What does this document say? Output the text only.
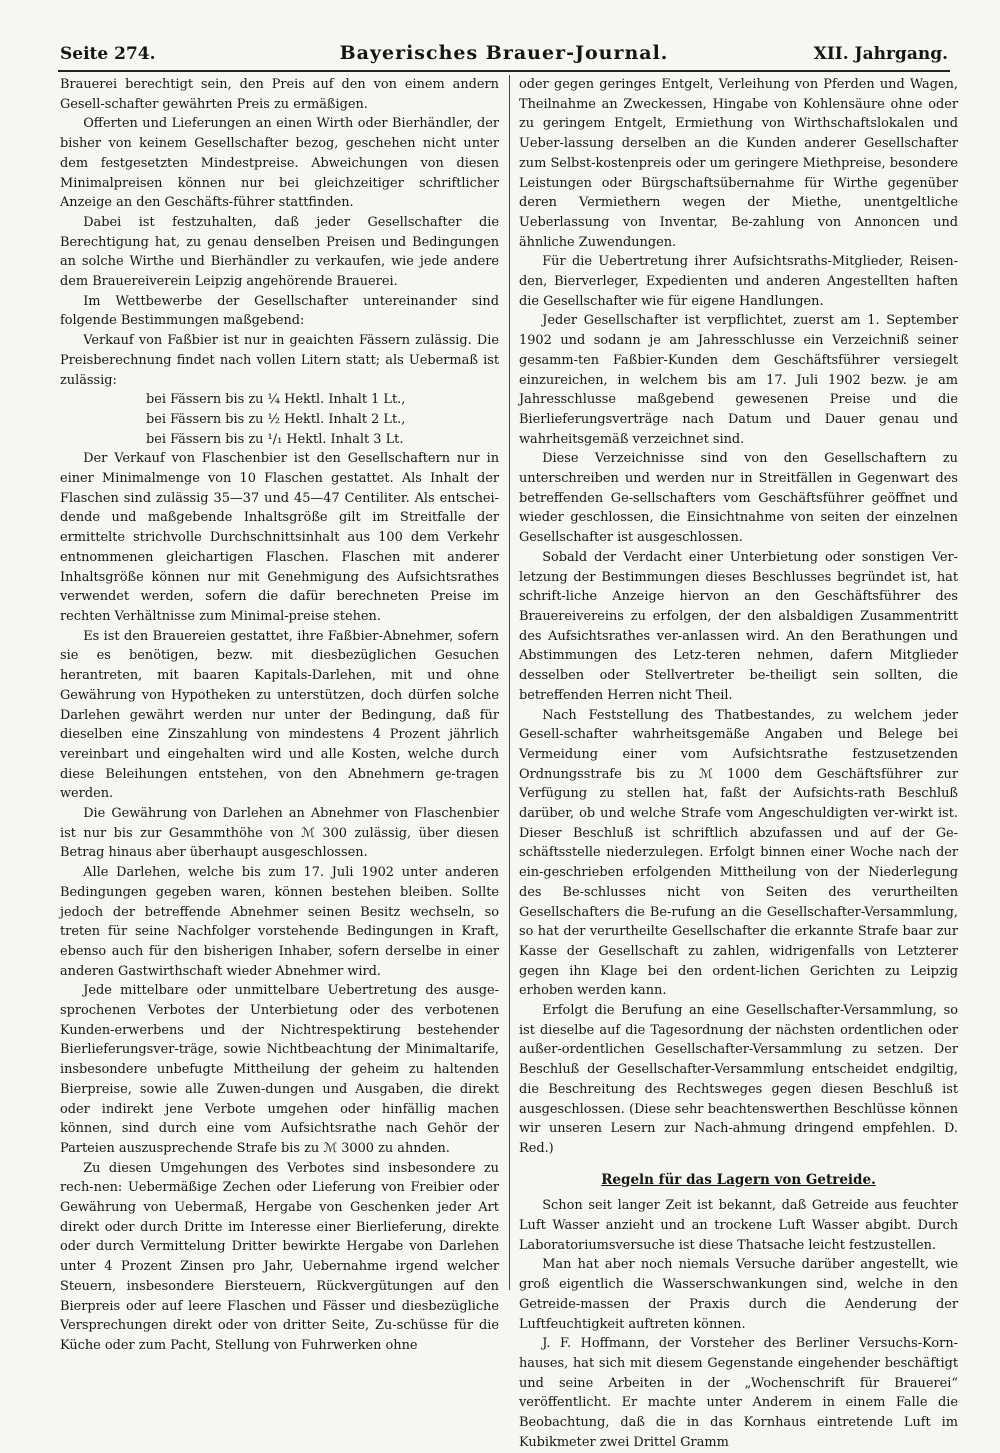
Seite 274.	Bayerisches Brauer-Journal.	XII. Jahrgang.

Brauerei berechtigt sein, den Preis auf den von einem andern Gesell-schafter gewährten Preis zu ermäßigen.

Offerten und Lieferungen an einen Wirth oder Bierhändler, der bisher von keinem Gesellschafter bezog, geschehen nicht unter dem festgesetzten Mindestpreise. Abweichungen von diesen Minimalpreisen können nur bei gleichzeitiger schriftlicher Anzeige an den Geschäfts-führer stattfinden.

Dabei ist festzuhalten, daß jeder Gesellschafter die Berechtigung hat, zu genau denselben Preisen und Bedingungen an solche Wirthe und Bierhändler zu verkaufen, wie jede andere dem Brauereiverein Leipzig angehörende Brauerei.

Im Wettbewerbe der Gesellschafter untereinander sind folgende Bestimmungen maßgebend:

Verkauf von Faßbier ist nur in geaichten Fässern zulässig. Die Preisberechnung findet nach vollen Litern statt; als Uebermaß ist zulässig:

bei Fässern bis zu ¼ Hektl. Inhalt 1 Lt.,

bei Fässern bis zu ½ Hektl. Inhalt 2 Lt.,

bei Fässern bis zu ¹/₁ Hektl. Inhalt 3 Lt.

Der Verkauf von Flaschenbier ist den Gesellschaftern nur in einer Minimalmenge von 10 Flaschen gestattet. Als Inhalt der Flaschen sind zulässig 35—37 und 45—47 Centiliter. Als entschei-dende und maßgebende Inhaltsgröße gilt im Streitfalle der ermittelte strichvolle Durchschnittsinhalt aus 100 dem Verkehr entnommenen gleichartigen Flaschen. Flaschen mit anderer Inhaltsgröße können nur mit Genehmigung des Aufsichtsrathes verwendet werden, sofern die dafür berechneten Preise im rechten Verhältnisse zum Minimal-preise stehen.

Es ist den Brauereien gestattet, ihre Faßbier-Abnehmer, sofern sie es benötigen, bezw. mit diesbezüglichen Gesuchen herantreten, mit baaren Kapitals-Darlehen, mit und ohne Gewährung von Hypotheken zu unterstützen, doch dürfen solche Darlehen gewährt werden nur unter der Bedingung, daß für dieselben eine Zinszahlung von mindestens 4 Prozent jährlich vereinbart und eingehalten wird und alle Kosten, welche durch diese Beleihungen entstehen, von den Abnehmern ge-tragen werden.

Die Gewährung von Darlehen an Abnehmer von Flaschenbier ist nur bis zur Gesammthöhe von ℳ 300 zulässig, über diesen Betrag hinaus aber überhaupt ausgeschlossen.

Alle Darlehen, welche bis zum 17. Juli 1902 unter anderen Bedingungen gegeben waren, können bestehen bleiben. Sollte jedoch der betreffende Abnehmer seinen Besitz wechseln, so treten für seine Nachfolger vorstehende Bedingungen in Kraft, ebenso auch für den bisherigen Inhaber, sofern derselbe in einer anderen Gastwirthschaft wieder Abnehmer wird.

Jede mittelbare oder unmittelbare Uebertretung des ausge-sprochenen Verbotes der Unterbietung oder des verbotenen Kunden-erwerbens und der Nichtrespektirung bestehender Bierlieferungsver-träge, sowie Nichtbeachtung der Minimaltarife, insbesondere unbefugte Mittheilung der geheim zu haltenden Bierpreise, sowie alle Zuwen-dungen und Ausgaben, die direkt oder indirekt jene Verbote umgehen oder hinfällig machen können, sind durch eine vom Aufsichtsrathe nach Gehör der Parteien auszusprechende Strafe bis zu ℳ 3000 zu ahnden.

Zu diesen Umgehungen des Verbotes sind insbesondere zu rech-nen: Uebermäßige Zechen oder Lieferung von Freibier oder Gewährung von Uebermaß, Hergabe von Geschenken jeder Art direkt oder durch Dritte im Interesse einer Bierlieferung, direkte oder durch Vermittelung Dritter bewirkte Hergabe von Darlehen unter 4 Prozent Zinsen pro Jahr, Uebernahme irgend welcher Steuern, insbesondere Biersteuern, Rückvergütungen auf den Bierpreis oder auf leere Flaschen und Fässer und diesbezügliche Versprechungen direkt oder von dritter Seite, Zu-schüsse für die Küche oder zum Pacht, Stellung von Fuhrwerken ohne

oder gegen geringes Entgelt, Verleihung von Pferden und Wagen, Theilnahme an Zweckessen, Hingabe von Kohlensäure ohne oder zu geringem Entgelt, Ermiethung von Wirthschaftslokalen und Ueber-lassung derselben an die Kunden anderer Gesellschafter zum Selbst-kostenpreis oder um geringere Miethpreise, besondere Leistungen oder Bürgschaftsübernahme für Wirthe gegenüber deren Vermiethern wegen der Miethe, unentgeltliche Ueberlassung von Inventar, Be-zahlung von Annoncen und ähnliche Zuwendungen.

Für die Uebertretung ihrer Aufsichtsraths-Mitglieder, Reisen-den, Bierverleger, Expedienten und anderen Angestellten haften die Gesellschafter wie für eigene Handlungen.

Jeder Gesellschafter ist verpflichtet, zuerst am 1. September 1902 und sodann je am Jahresschlusse ein Verzeichniß seiner gesamm-ten Faßbier-Kunden dem Geschäftsführer versiegelt einzureichen, in welchem bis am 17. Juli 1902 bezw. je am Jahresschlusse maßgebend gewesenen Preise und die Bierlieferungsverträge nach Datum und Dauer genau und wahrheitsgemäß verzeichnet sind.

Diese Verzeichnisse sind von den Gesellschaftern zu unterschreiben und werden nur in Streitfällen in Gegenwart des betreffenden Ge-sellschafters vom Geschäftsführer geöffnet und wieder geschlossen, die Einsichtnahme von seiten der einzelnen Gesellschafter ist ausgeschlossen.

Sobald der Verdacht einer Unterbietung oder sonstigen Ver-letzung der Bestimmungen dieses Beschlusses begründet ist, hat schrift-liche Anzeige hiervon an den Geschäftsführer des Brauereivereins zu erfolgen, der den alsbaldigen Zusammentritt des Aufsichtsrathes ver-anlassen wird. An den Berathungen und Abstimmungen des Letz-teren nehmen, dafern Mitglieder desselben oder Stellvertreter be-theiligt sein sollten, die betreffenden Herren nicht Theil.

Nach Feststellung des Thatbestandes, zu welchem jeder Gesell-schafter wahrheitsgemäße Angaben und Belege bei Vermeidung einer vom Aufsichtsrathe festzusetzenden Ordnungsstrafe bis zu ℳ 1000 dem Geschäftsführer zur Verfügung zu stellen hat, faßt der Aufsichts-rath Beschluß darüber, ob und welche Strafe vom Angeschuldigten ver-wirkt ist. Dieser Beschluß ist schriftlich abzufassen und auf der Ge-schäftsstelle niederzulegen. Erfolgt binnen einer Woche nach der ein-geschrieben erfolgenden Mittheilung von der Niederlegung des Be-schlusses nicht von Seiten des verurtheilten Gesellschafters die Be-rufung an die Gesellschafter-Versammlung, so hat der verurtheilte Gesellschafter die erkannte Strafe baar zur Kasse der Gesellschaft zu zahlen, widrigenfalls von Letzterer gegen ihn Klage bei den ordent-lichen Gerichten zu Leipzig erhoben werden kann.

Erfolgt die Berufung an eine Gesellschafter-Versammlung, so ist dieselbe auf die Tagesordnung der nächsten ordentlichen oder außer-ordentlichen Gesellschafter-Versammlung zu setzen. Der Beschluß der Gesellschafter-Versammlung entscheidet endgiltig, die Beschreitung des Rechtsweges gegen diesen Beschluß ist ausgeschlossen. (Diese sehr beachtenswerthen Beschlüsse können wir unseren Lesern zur Nach-ahmung dringend empfehlen. D. Red.)

Regeln für das Lagern von Getreide.

Schon seit langer Zeit ist bekannt, daß Getreide aus feuchter Luft Wasser anzieht und an trockene Luft Wasser abgibt. Durch Laboratoriumsversuche ist diese Thatsache leicht festzustellen.

Man hat aber noch niemals Versuche darüber angestellt, wie groß eigentlich die Wasserschwankungen sind, welche in den Getreide-massen der Praxis durch die Aenderung der Luftfeuchtigkeit auftreten können.

J. F. Hoffmann, der Vorsteher des Berliner Versuchs-Korn-hauses, hat sich mit diesem Gegenstande eingehender beschäftigt und seine Arbeiten in der „Wochenschrift für Brauerei“ veröffentlicht. Er machte unter Anderem in einem Falle die Beobachtung, daß die in das Kornhaus eintretende Luft im Kubikmeter zwei Drittel Gramm
